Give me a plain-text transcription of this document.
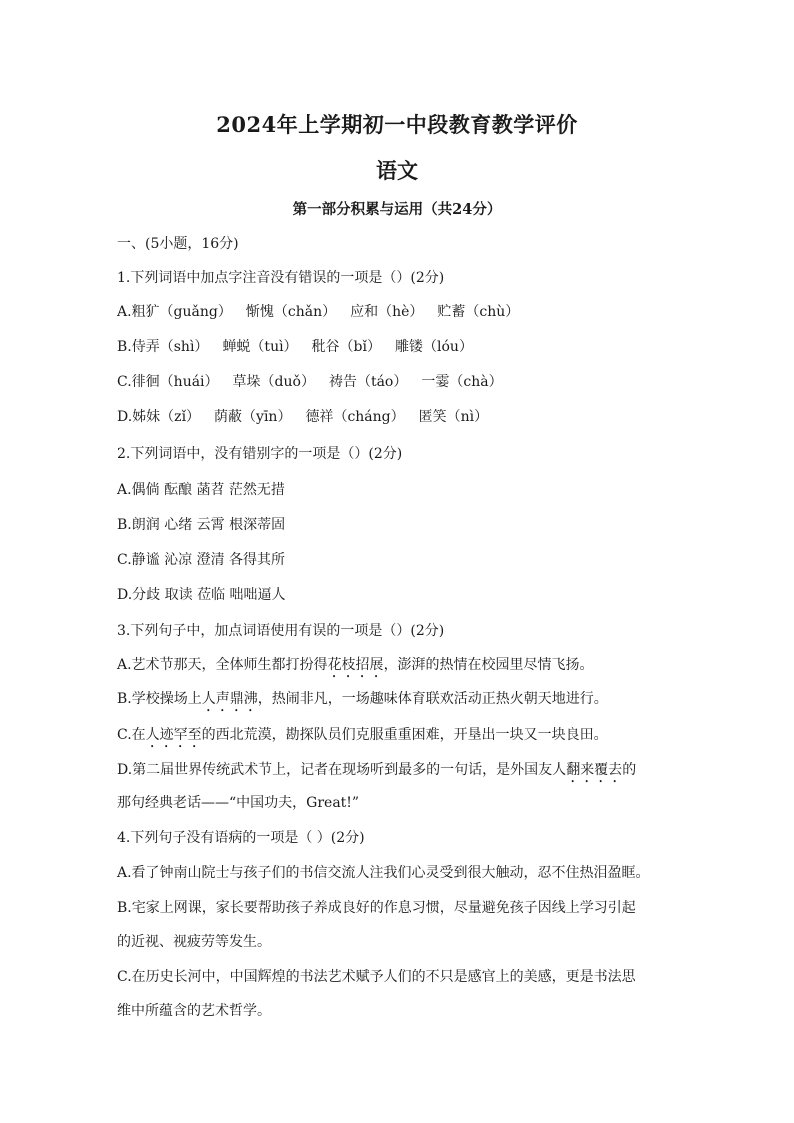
2024年上学期初一中段教育教学评价
语文
第一部分积累与运用（共24分）
一、(5小题，16分)
1.下列词语中加点字注音没有错误的一项是（）(2分)
A.粗犷（guǎng） 惭愧（chǎn） 应和（hè） 贮蓄（chù）
B.侍弄（shì） 蝉蜕（tuì） 秕谷（bǐ） 雕镂（lóu）
C.徘徊（huái） 草垛（duǒ） 祷告（táo） 一霎（chà）
D.姊妹（zǐ） 荫蔽（yīn） 德祥（cháng） 匿笑（nì）
2.下列词语中，没有错别字的一项是（）(2分)
A.偶倘 酝酿 菡苕 茫然无措
B.朗润 心绪 云霄 根深蒂固
C.静谧 沁凉 澄清 各得其所
D.分歧 取读 莅临 咄咄逼人
3.下列句子中，加点词语使用有误的一项是（）(2分)
A.艺术节那天，全体师生都打扮得花枝招展，澎湃的热情在校园里尽情飞扬。
B.学校操场上人声鼎沸，热闹非凡，一场趣味体育联欢活动正热火朝天地进行。
C.在人迹罕至的西北荒漠，勘探队员们克服重重困难，开垦出一块又一块良田。
D.第二届世界传统武术节上，记者在现场听到最多的一句话，是外国友人翻来覆去的
那句经典老话——“中国功夫，Great!”
4.下列句子没有语病的一项是（ ）(2分)
A.看了钟南山院士与孩子们的书信交流人注我们心灵受到很大触动，忍不住热泪盈眶。
B.宅家上网课，家长要帮助孩子养成良好的作息习惯，尽量避免孩子因线上学习引起
的近视、视疲劳等发生。
C.在历史长河中，中国辉煌的书法艺术赋予人们的不只是感官上的美感，更是书法思
维中所蕴含的艺术哲学。
